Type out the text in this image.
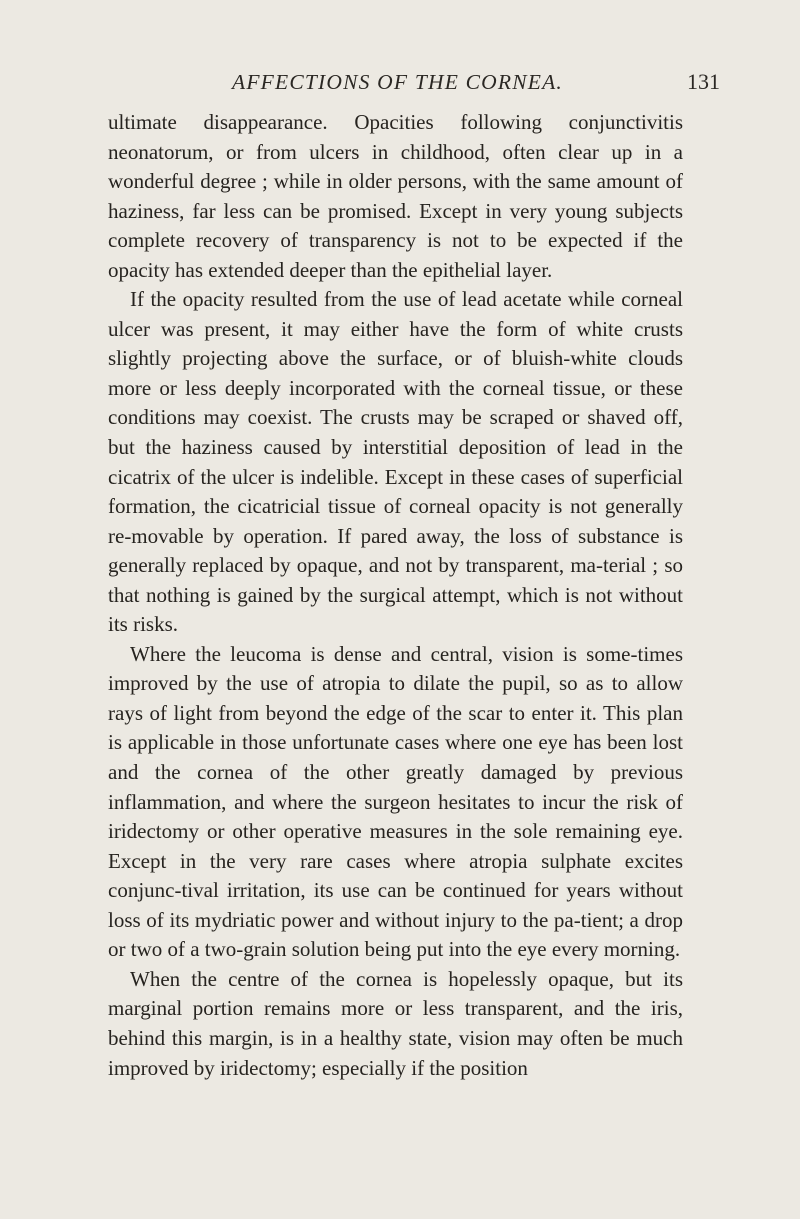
AFFECTIONS OF THE CORNEA.	131

ultimate disappearance. Opacities following conjunctivitis neonatorum, or from ulcers in childhood, often clear up in a wonderful degree ; while in older persons, with the same amount of haziness, far less can be promised. Except in very young subjects complete recovery of transparency is not to be expected if the opacity has extended deeper than the epithelial layer.

If the opacity resulted from the use of lead acetate while corneal ulcer was present, it may either have the form of white crusts slightly projecting above the surface, or of bluish-white clouds more or less deeply incorporated with the corneal tissue, or these conditions may coexist. The crusts may be scraped or shaved off, but the haziness caused by interstitial deposition of lead in the cicatrix of the ulcer is indelible. Except in these cases of superficial formation, the cicatricial tissue of corneal opacity is not generally re-movable by operation. If pared away, the loss of substance is generally replaced by opaque, and not by transparent, ma-terial ; so that nothing is gained by the surgical attempt, which is not without its risks.

Where the leucoma is dense and central, vision is some-times improved by the use of atropia to dilate the pupil, so as to allow rays of light from beyond the edge of the scar to enter it. This plan is applicable in those unfortunate cases where one eye has been lost and the cornea of the other greatly damaged by previous inflammation, and where the surgeon hesitates to incur the risk of iridectomy or other operative measures in the sole remaining eye. Except in the very rare cases where atropia sulphate excites conjunc-tival irritation, its use can be continued for years without loss of its mydriatic power and without injury to the pa-tient; a drop or two of a two-grain solution being put into the eye every morning.

When the centre of the cornea is hopelessly opaque, but its marginal portion remains more or less transparent, and the iris, behind this margin, is in a healthy state, vision may often be much improved by iridectomy; especially if the position
